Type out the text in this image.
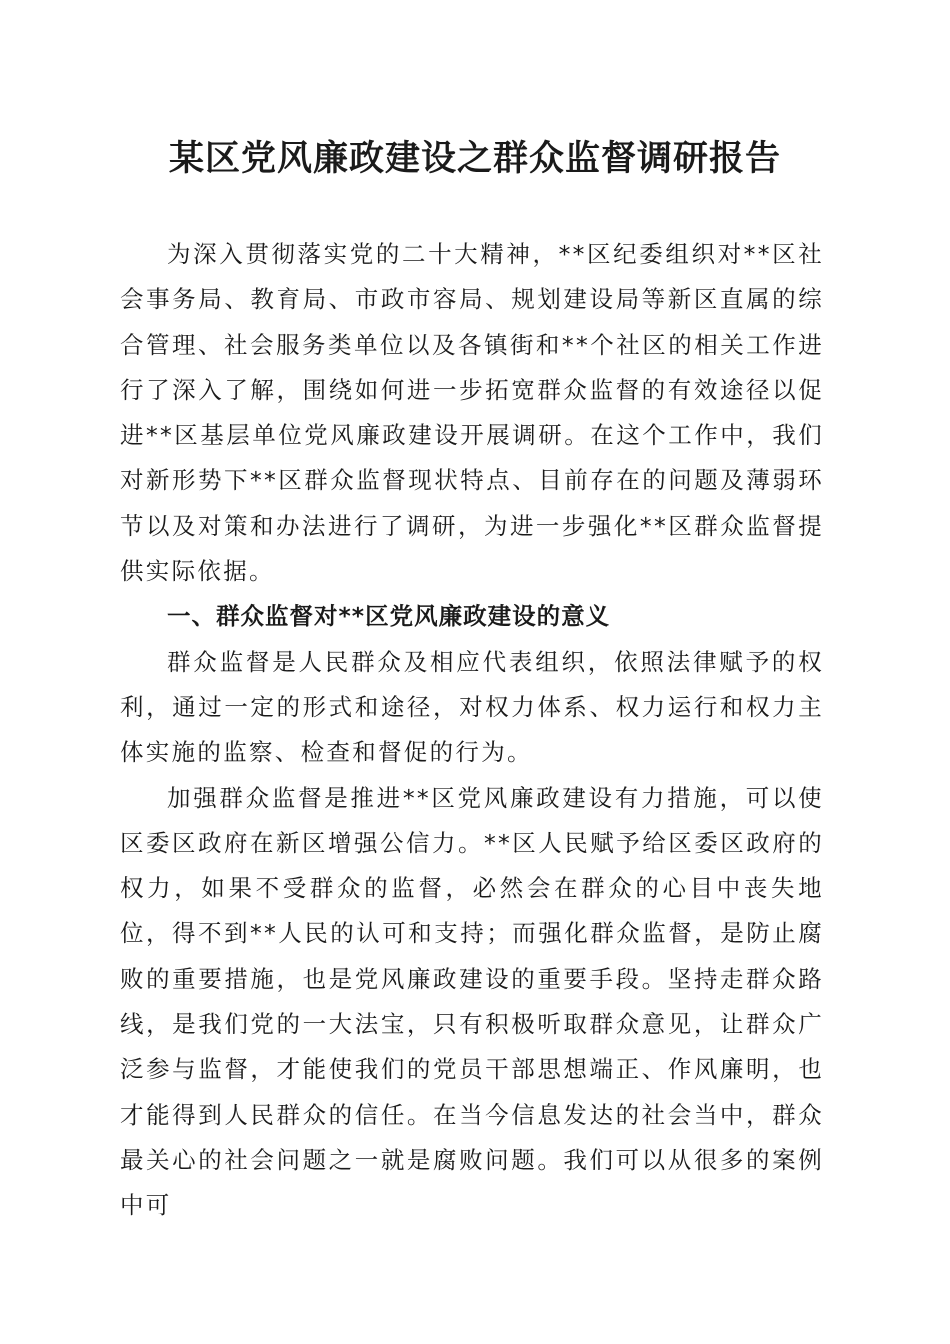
某区党风廉政建设之群众监督调研报告

为深入贯彻落实党的二十大精神，**区纪委组织对**区社会事务局、教育局、市政市容局、规划建设局等新区直属的综合管理、社会服务类单位以及各镇街和**个社区的相关工作进行了深入了解，围绕如何进一步拓宽群众监督的有效途径以促进**区基层单位党风廉政建设开展调研。在这个工作中，我们对新形势下**区群众监督现状特点、目前存在的问题及薄弱环节以及对策和办法进行了调研，为进一步强化**区群众监督提供实际依据。

一、群众监督对**区党风廉政建设的意义

群众监督是人民群众及相应代表组织，依照法律赋予的权利，通过一定的形式和途径，对权力体系、权力运行和权力主体实施的监察、检查和督促的行为。

加强群众监督是推进**区党风廉政建设有力措施，可以使区委区政府在新区增强公信力。**区人民赋予给区委区政府的权力，如果不受群众的监督，必然会在群众的心目中丧失地位，得不到**人民的认可和支持；而强化群众监督，是防止腐败的重要措施，也是党风廉政建设的重要手段。坚持走群众路线，是我们党的一大法宝，只有积极听取群众意见，让群众广泛参与监督，才能使我们的党员干部思想端正、作风廉明，也才能得到人民群众的信任。在当今信息发达的社会当中，群众最关心的社会问题之一就是腐败问题。我们可以从很多的案例中可
